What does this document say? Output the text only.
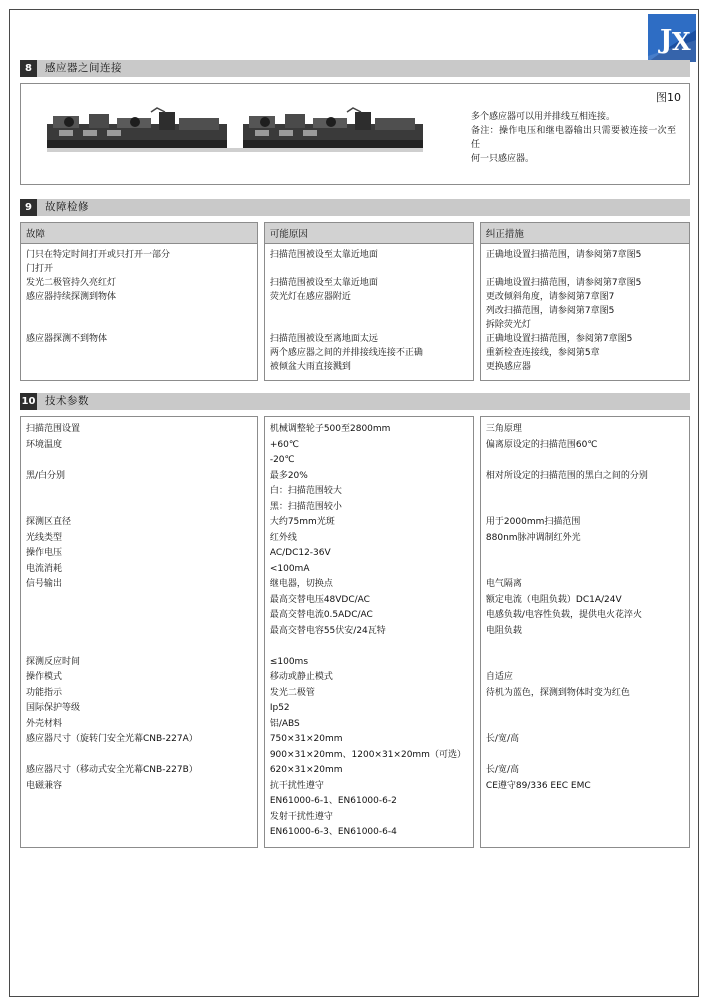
J X
8	感应器之间连接
图10
多个感应器可以用并排线互相连接。
备注：操作电压和继电器输出只需要被连接一次至任
何一只感应器。
9	故障检修
故障
门只在特定时间打开或只打开一部分
门打开
发光二极管持久亮红灯
感应器持续探测到物体

感应器探测不到物体

可能原因
扫描范围被设至太靠近地面

扫描范围被设至太靠近地面
荧光灯在感应器附近

扫描范围被设至离地面太远
两个感应器之间的并排接线连接不正确
被倾盆大雨直接溅到
纠正措施
正确地设置扫描范围，请参阅第7章图5

正确地设置扫描范围，请参阅第7章图5
更改倾斜角度，请参阅第7章图7
列改扫描范围，请参阅第7章图5
拆除荧光灯
正确地设置扫描范围，参阅第7章图5
重新检查连接线，参阅第5章
更换感应器
10 技术参数
扫描范围设置
环境温度

黑/白分别

探测区直径
光线类型
操作电压
电流消耗
信号输出

探测反应时间
操作模式
功能指示
国际保护等级
外壳材料
感应器尺寸（旋转门安全光幕CNB-227A）

感应器尺寸（移动式安全光幕CNB-227B）
电磁兼容
机械调整轮子500至2800mm
+60℃
-20℃
最多20%
白：扫描范围较大
黑：扫描范围较小
大约75mm光斑
红外线
AC/DC12-36V
<100mA
继电器，切换点
最高交替电压48VDC/AC
最高交替电流0.5ADC/AC
最高交替电容55伏安/24瓦特

≤100ms
移动或静止模式
发光二极管
Ip52
铝/ABS
750×31×20mm
900×31×20mm、1200×31×20mm（可选）
620×31×20mm
抗干扰性遵守
EN61000-6-1、EN61000-6-2
发射干扰性遵守
EN61000-6-3、EN61000-6-4
三角原理
偏离原设定的扫描范围60℃

相对所设定的扫描范围的黑白之间的分别

用于2000mm扫描范围
880nm脉冲调制红外光

电气隔离
额定电流（电阻负载）DC1A/24V
电感负载/电容性负载，提供电火花淬火
电阻负载

自适应
待机为蓝色，探测到物体时变为红色

长/宽/高

长/宽/高
CE遵守89/336 EEC EMC
